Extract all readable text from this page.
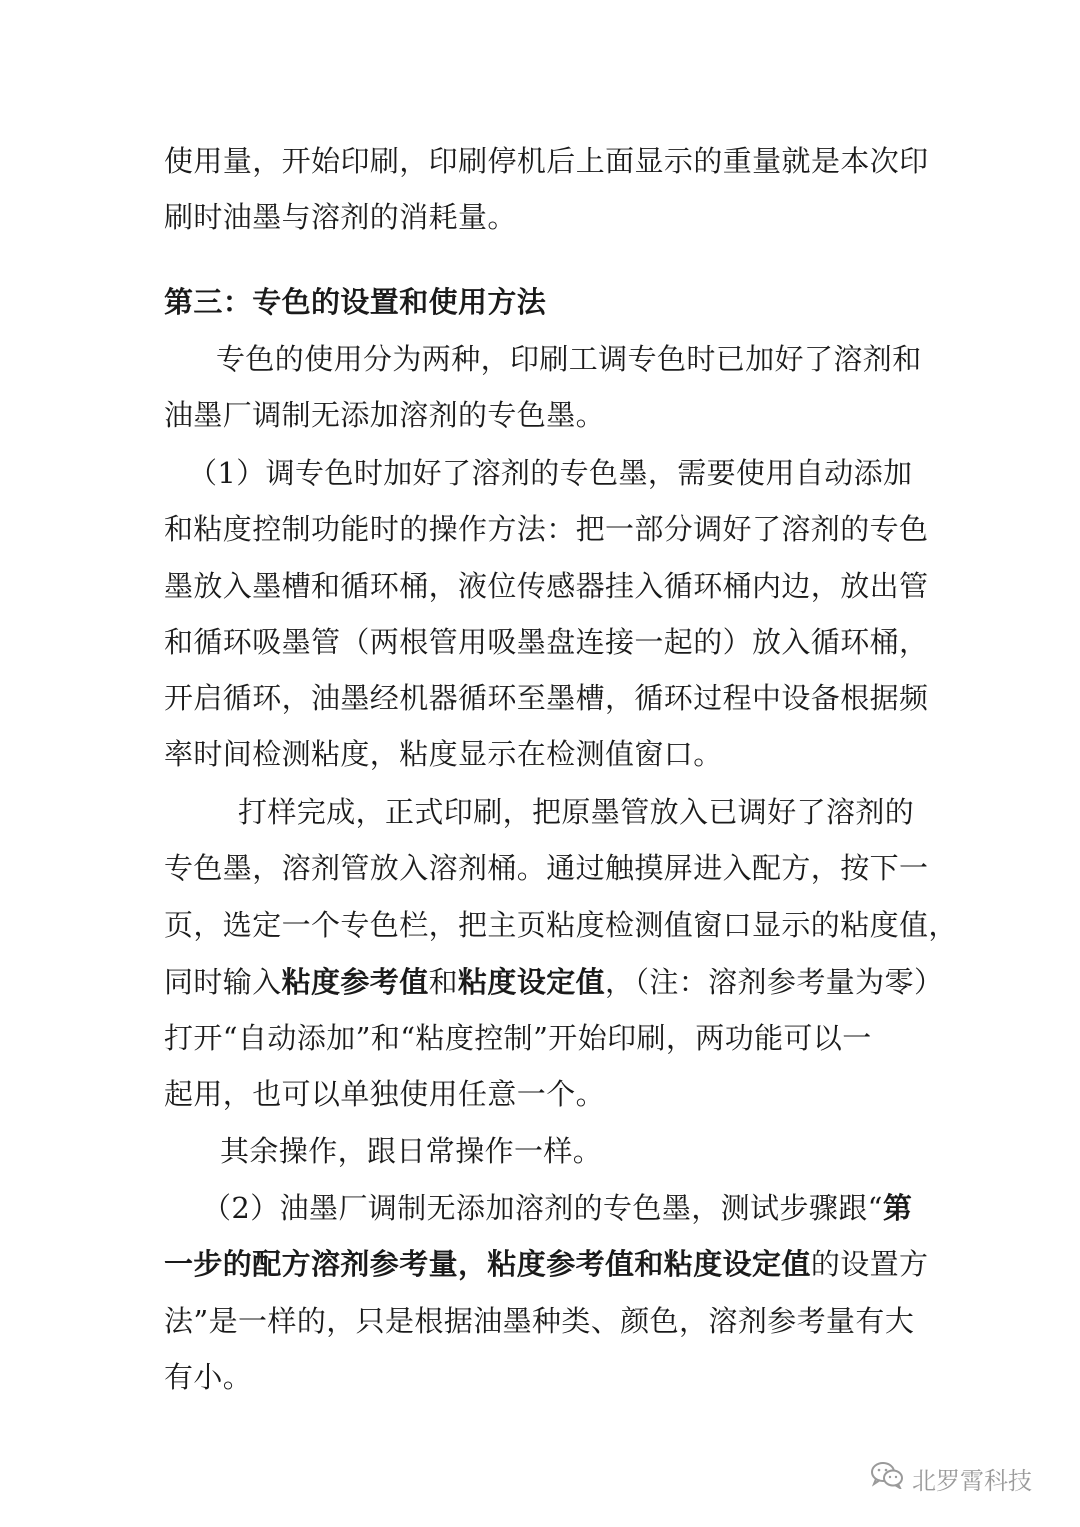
使 用 量 ， 开 始 印 刷 ， 印 刷 停 机 后 上 面 显 示 的 重 量 就 是 本 次 印
刷时油墨与溶剂的消耗量。
第三：专色的设置和使用方法
专色的使用分为两种，印刷工调专色时已加好了溶剂和
油墨厂调制无添加溶剂的专色墨。
（1）调专色时加好了溶剂的专色墨，需要使用自动添加
和粘度控制功能时的操作方法：把一部分调好了溶剂的专色
墨放入墨槽和循环桶，液位传感器挂入循环桶内边，放出管
和循环吸墨管（两根管用吸墨盘连接一起的）放入循环桶，
开启循环，油墨经机器循环至墨槽，循环过程中设备根据频
率时间检测粘度，粘度显示在检测值窗口。
打样完成，正式印刷，把原墨管放入已调好了溶剂的
专色墨，溶剂管放入溶剂桶。通过触摸屏进入配方，按下一
页，选定一个专色栏，把主页粘度检测值窗口显示的粘度值，
同时输入粘度参考值和粘度设定值，（注：溶剂参考量为零）
打开“自动添加”和“粘度控制”开始印刷，两功能可以一
起用，也可以单独使用任意一个。
其余操作，跟日常操作一样。
（2）油墨厂调制无添加溶剂的专色墨，测试步骤跟“第
一步的配方溶剂参考量，粘度参考值和粘度设定值的设置方
法”是一样的，只是根据油墨种类、颜色，溶剂参考量有大
有小。
北罗霄科技
